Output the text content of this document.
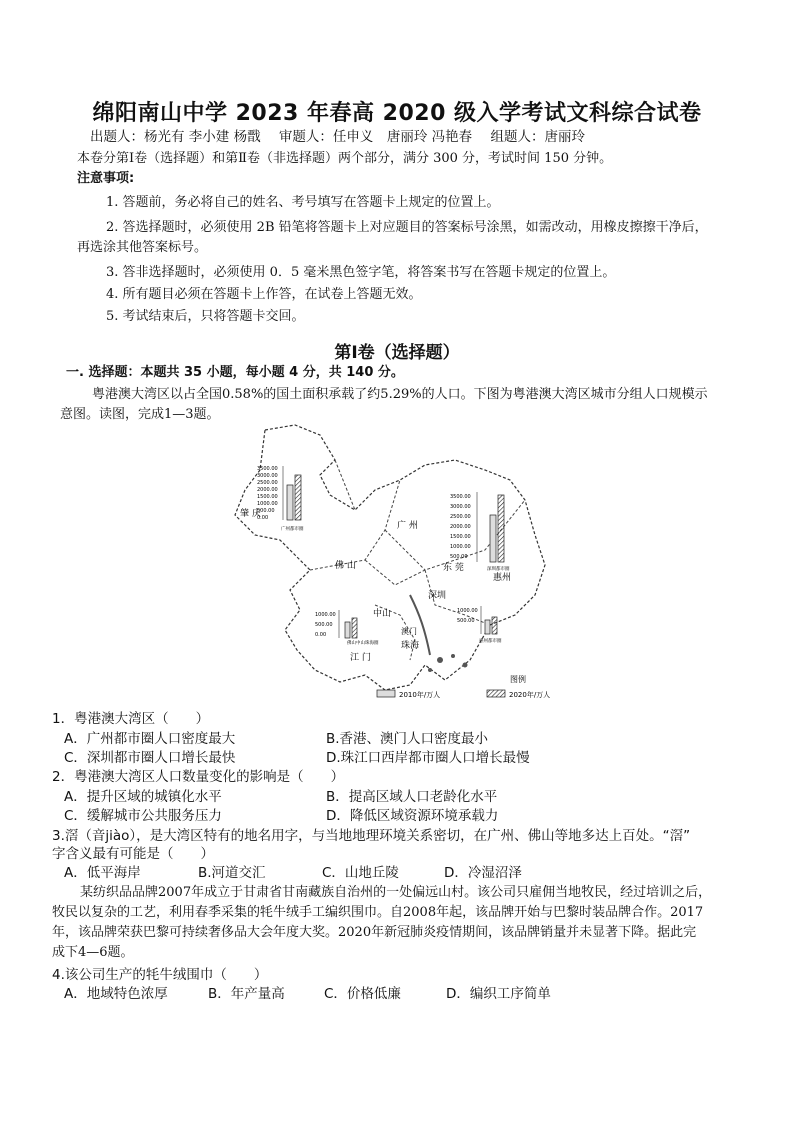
绵阳南山中学 2023 年春高 2020 级入学考试文科综合试卷
出题人：杨光有 李小建 杨戬 审题人：任申义　唐丽玲 冯艳春 组题人：唐丽玲
本卷分第Ⅰ卷（选择题）和第Ⅱ卷（非选择题）两个部分，满分 300 分，考试时间 150 分钟。
注意事项:
1. 答题前，务必将自己的姓名、考号填写在答题卡上规定的位置上。
2. 答选择题时，必须使用 2B 铅笔将答题卡上对应题目的答案标号涂黑，如需改动，用橡皮擦擦干净后，
再选涂其他答案标号。
3. 答非选择题时，必须使用 0．5 毫米黑色签字笔，将答案书写在答题卡规定的位置上。
4. 所有题目必须在答题卡上作答，在试卷上答题无效。
5. 考试结束后，只将答题卡交回。
第Ⅰ卷（选择题）
一. 选择题：本题共 35 小题，每小题 4 分，共 140 分。
粤港澳大湾区以占全国0.58%的国土面积承载了约5.29%的人口。下图为粤港澳大湾区城市分组人口规模示
意图。读图，完成1—3题。
肇 庆
广 州
佛 山	东 莞
惠州
中山
深圳
江 门
珠海
澳门
3500.00
3000.00
2500.00
2000.00
1500.00
1000.00
500.00
0.00
广州都市圈
3500.00
3000.00
2500.00
2000.00
1500.00
1000.00
500.00
深圳都市圈
1000.00
500.00
0.00
佛山中山珠海圈
1000.00
500.00
惠州都市圈
图例
2010年/万人	2020年/万人
1．粤港澳大湾区（　　）
A．广州都市圈人口密度最大	B.香港、澳门人口密度最小
C．深圳都市圈人口增长最快	D.珠江口西岸都市圈人口增长最慢
2．粤港澳大湾区人口数量变化的影响是（　　）
A．提升区域的城镇化水平	B．提高区域人口老龄化水平
C．缓解城市公共服务压力	D．降低区域资源环境承载力
3.滘（音jiào），是大湾区特有的地名用字，与当地地理环境关系密切，在广州、佛山等地多达上百处。“滘”
字含义最有可能是（　　）
A．低平海岸	B.河道交汇	C．山地丘陵	D．冷湿沼泽
某纺织品品牌2007年成立于甘肃省甘南藏族自治州的一处偏远山村。该公司只雇佣当地牧民，经过培训之后，
牧民以复杂的工艺，利用春季采集的牦牛绒手工编织围巾。自2008年起，该品牌开始与巴黎时装品牌合作。2017
年，该品牌荣获巴黎可持续奢侈品大会年度大奖。2020年新冠肺炎疫情期间，该品牌销量并未显著下降。据此完
成下4—6题。
4.该公司生产的牦牛绒围巾（　　）
A．地域特色浓厚	B．年产量高	C．价格低廉	D．编织工序简单
